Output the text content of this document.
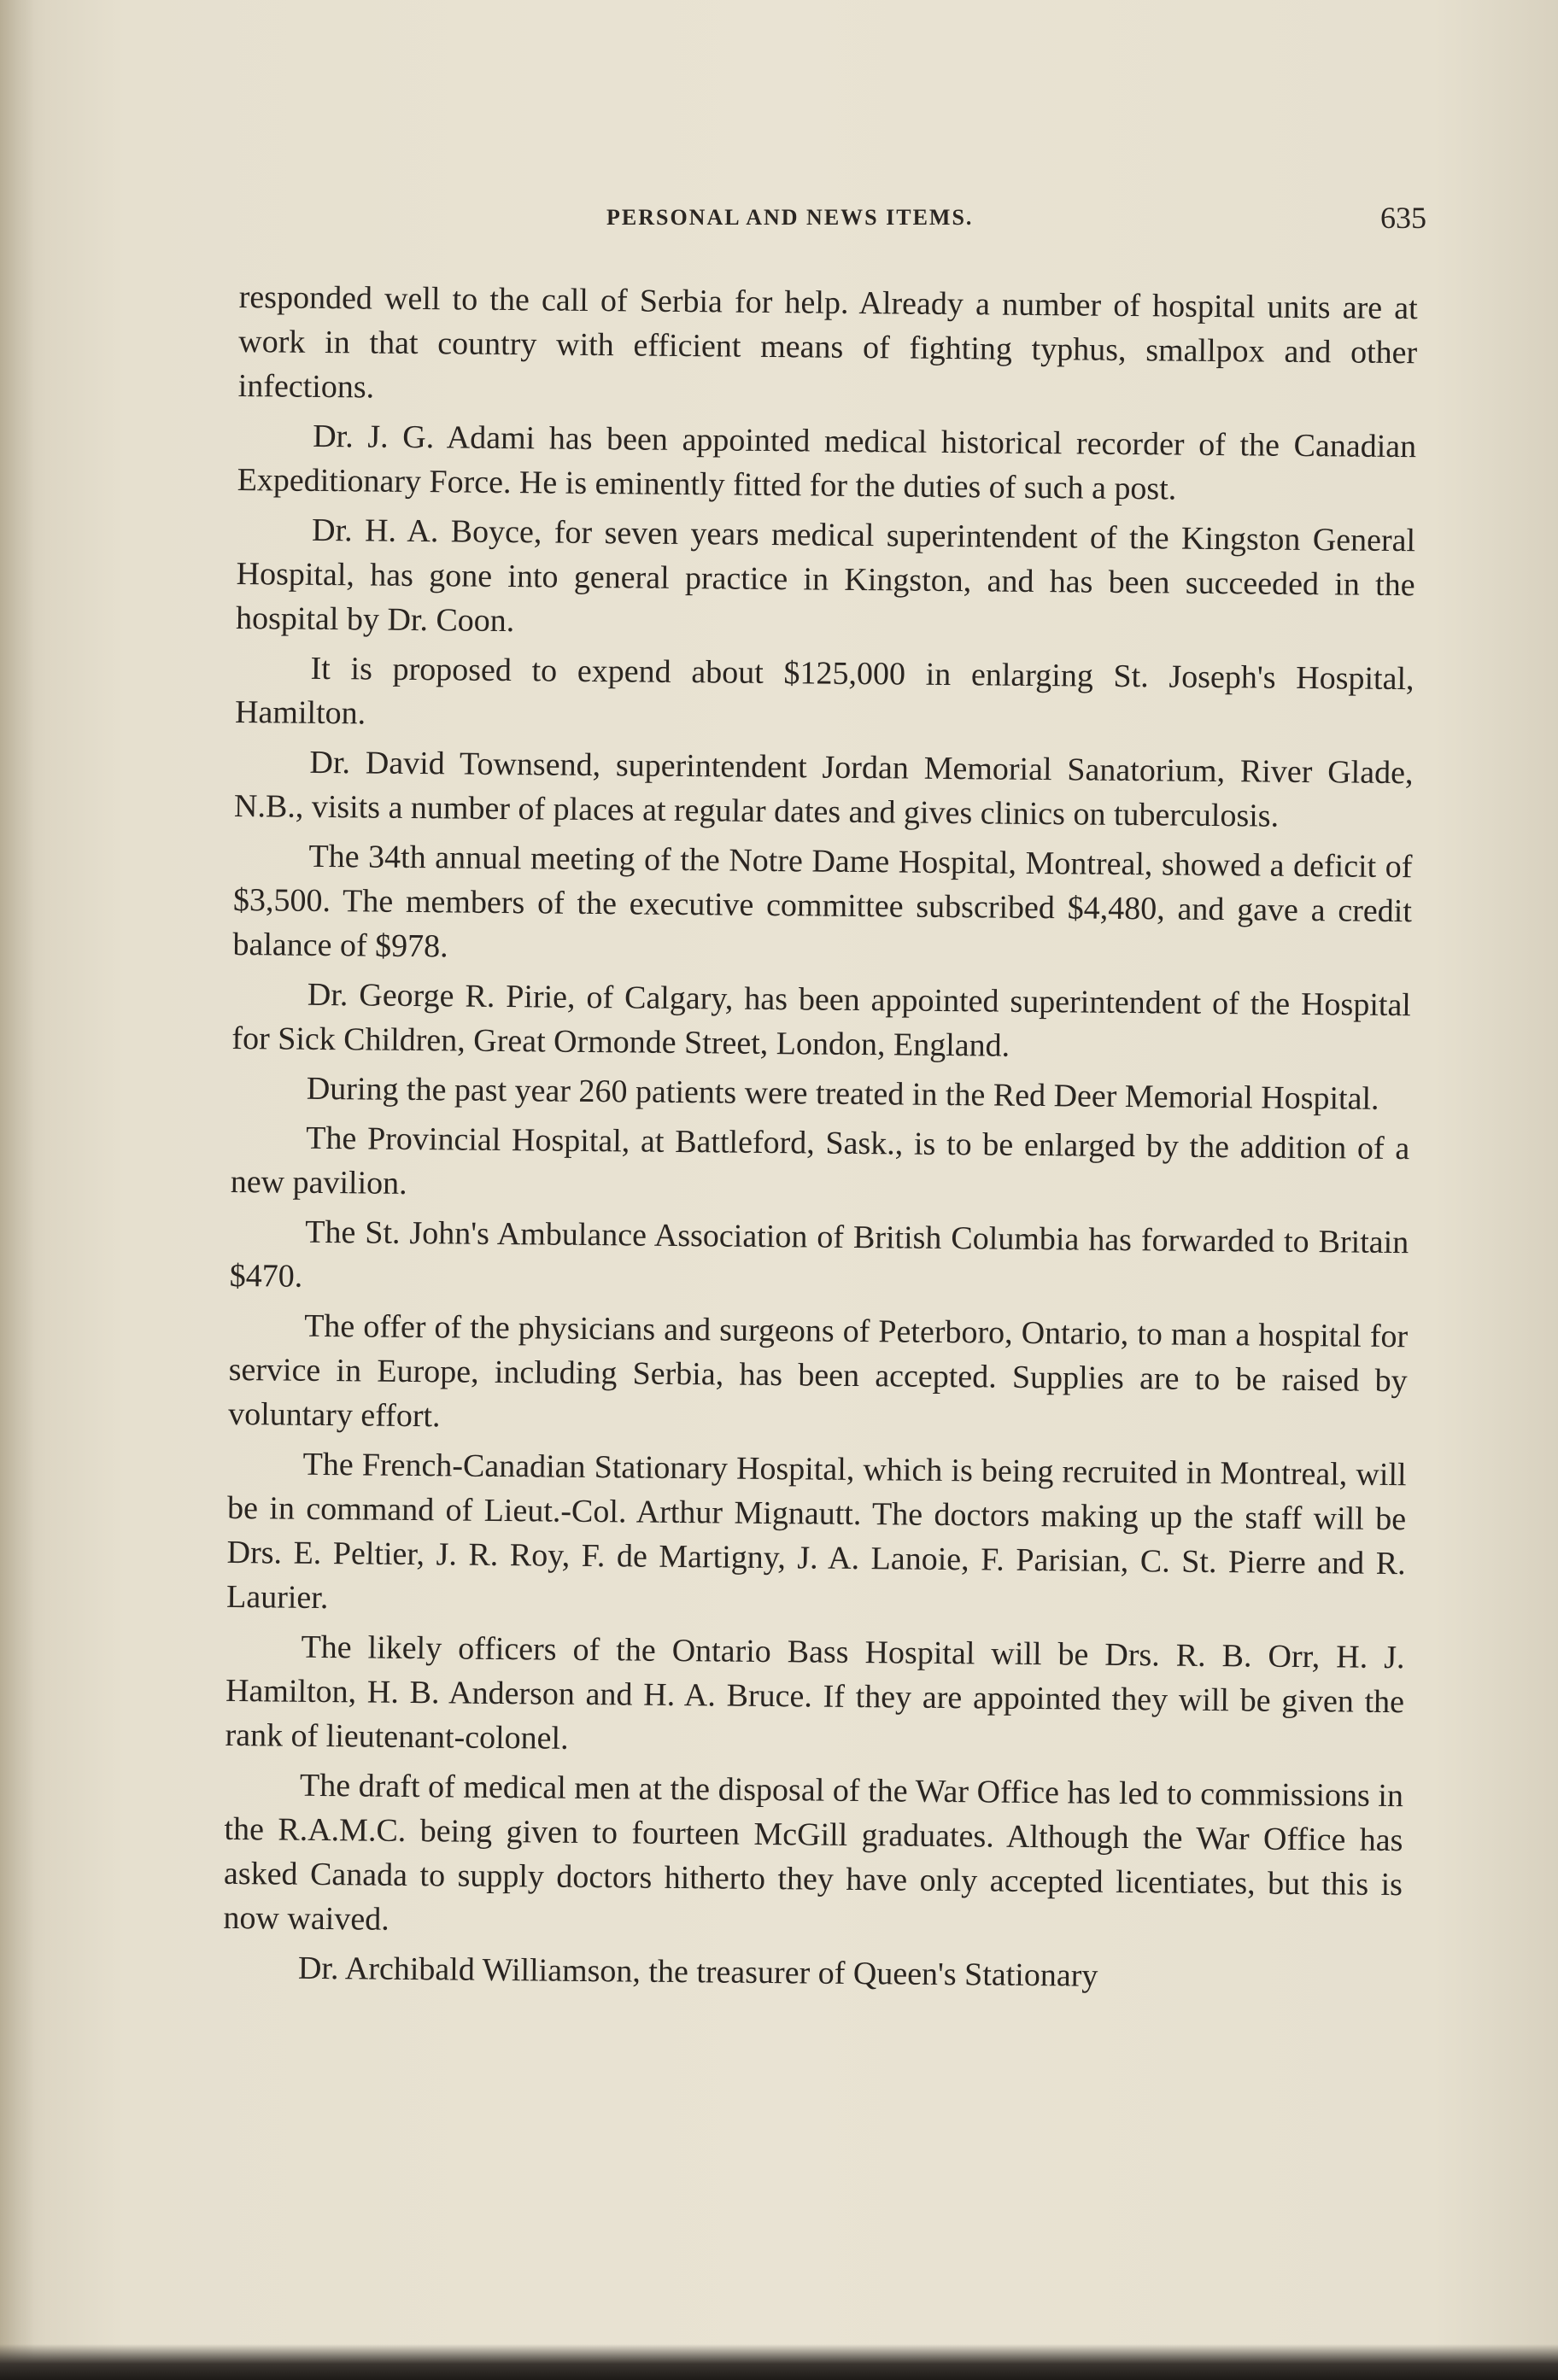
PERSONAL AND NEWS ITEMS.	635

responded well to the call of Serbia for help. Already a number of hospital units are at work in that country with efficient means of fighting typhus, smallpox and other infections.

Dr. J. G. Adami has been appointed medical historical recorder of the Canadian Expeditionary Force. He is eminently fitted for the duties of such a post.

Dr. H. A. Boyce, for seven years medical superintendent of the Kingston General Hospital, has gone into general practice in Kingston, and has been succeeded in the hospital by Dr. Coon.

It is proposed to expend about $125,000 in enlarging St. Joseph's Hospital, Hamilton.

Dr. David Townsend, superintendent Jordan Memorial Sanatorium, River Glade, N.B., visits a number of places at regular dates and gives clinics on tuberculosis.

The 34th annual meeting of the Notre Dame Hospital, Montreal, showed a deficit of $3,500. The members of the executive committee subscribed $4,480, and gave a credit balance of $978.

Dr. George R. Pirie, of Calgary, has been appointed superintendent of the Hospital for Sick Children, Great Ormonde Street, London, England.

During the past year 260 patients were treated in the Red Deer Memorial Hospital.

The Provincial Hospital, at Battleford, Sask., is to be enlarged by the addition of a new pavilion.

The St. John's Ambulance Association of British Columbia has forwarded to Britain $470.

The offer of the physicians and surgeons of Peterboro, Ontario, to man a hospital for service in Europe, including Serbia, has been accepted. Supplies are to be raised by voluntary effort.

The French-Canadian Stationary Hospital, which is being recruited in Montreal, will be in command of Lieut.-Col. Arthur Mignautt. The doctors making up the staff will be Drs. E. Peltier, J. R. Roy, F. de Martigny, J. A. Lanoie, F. Parisian, C. St. Pierre and R. Laurier.

The likely officers of the Ontario Bass Hospital will be Drs. R. B. Orr, H. J. Hamilton, H. B. Anderson and H. A. Bruce. If they are appointed they will be given the rank of lieutenant-colonel.

The draft of medical men at the disposal of the War Office has led to commissions in the R.A.M.C. being given to fourteen McGill graduates. Although the War Office has asked Canada to supply doctors hitherto they have only accepted licentiates, but this is now waived.

Dr. Archibald Williamson, the treasurer of Queen's Stationary
